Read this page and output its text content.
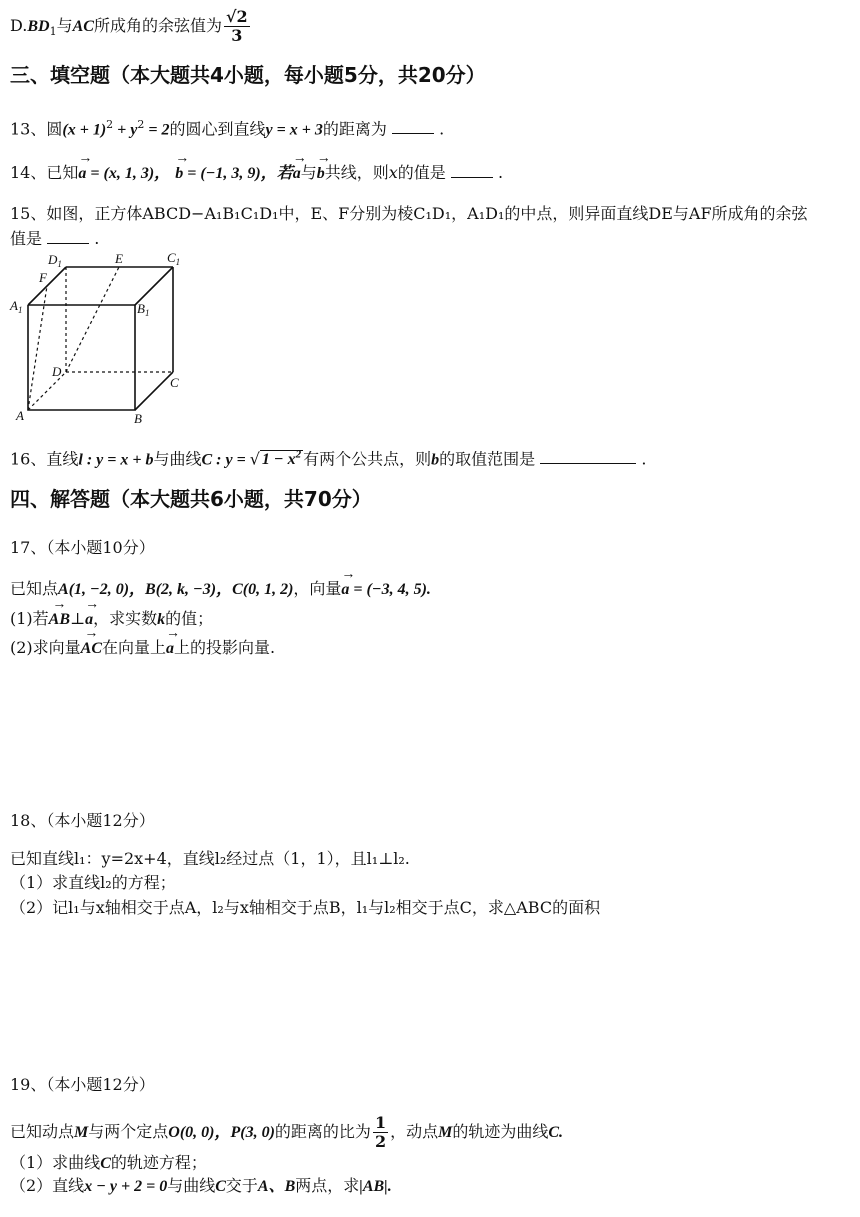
$D.BD_1$与AC所成角的余弦值为 $\frac{√2}{3}$
三、填空题（本大题共4小题，每小题5分，共20分）
13、圆$(x + 1)^2 + y^2 = 2$的圆心到直线y = x + 3的距离为	.
14、已知→ a = (x, 1, 3)， → b = (−1, 3, 9)，若→ a与→ b共线，则x的值是	.
15、如图，正方体ABCD−A₁B₁C₁D₁中，E、F分别为棱C₁D₁，A₁D₁的中点，则异面直线DE与AF所成角的余弦
值是	.
$D_1$	E	$C_1$
F
$A_1$	$B_1$
D
C
A	B
16、直线l : y = x + b与曲线C : y = √ $1 - x^2$ 有两个公共点，则b的取值范围是	.
四、解答题（本大题共6小题，共70分）
17、（本小题10分）
已知点A(1, −2, 0)，B(2, k, −3)，C(0, 1, 2)，向量→ a = (−3, 4, 5).
(1)若→ AB⊥→ a，求实数k的值；
(2)求向量→ AC在向量上→ a上的投影向量.
18、（本小题12分）
已知直线l₁：y=2x+4，直线l₂经过点（1，1），且l₁⊥l₂.
（1）求直线l₂的方程；
（2）记l₁与x轴相交于点A，l₂与x轴相交于点B，l₁与l₂相交于点C，求△ABC的面积
19、（本小题12分）
已知动点M与两个定点O(0, 0)，P(3, 0)的距离的比为 $\frac{1}{2}$ ，动点M的轨迹为曲线C.
（1）求曲线C的轨迹方程；
（2）直线x − y + 2 = 0与曲线C交于A、B两点，求|AB|.
